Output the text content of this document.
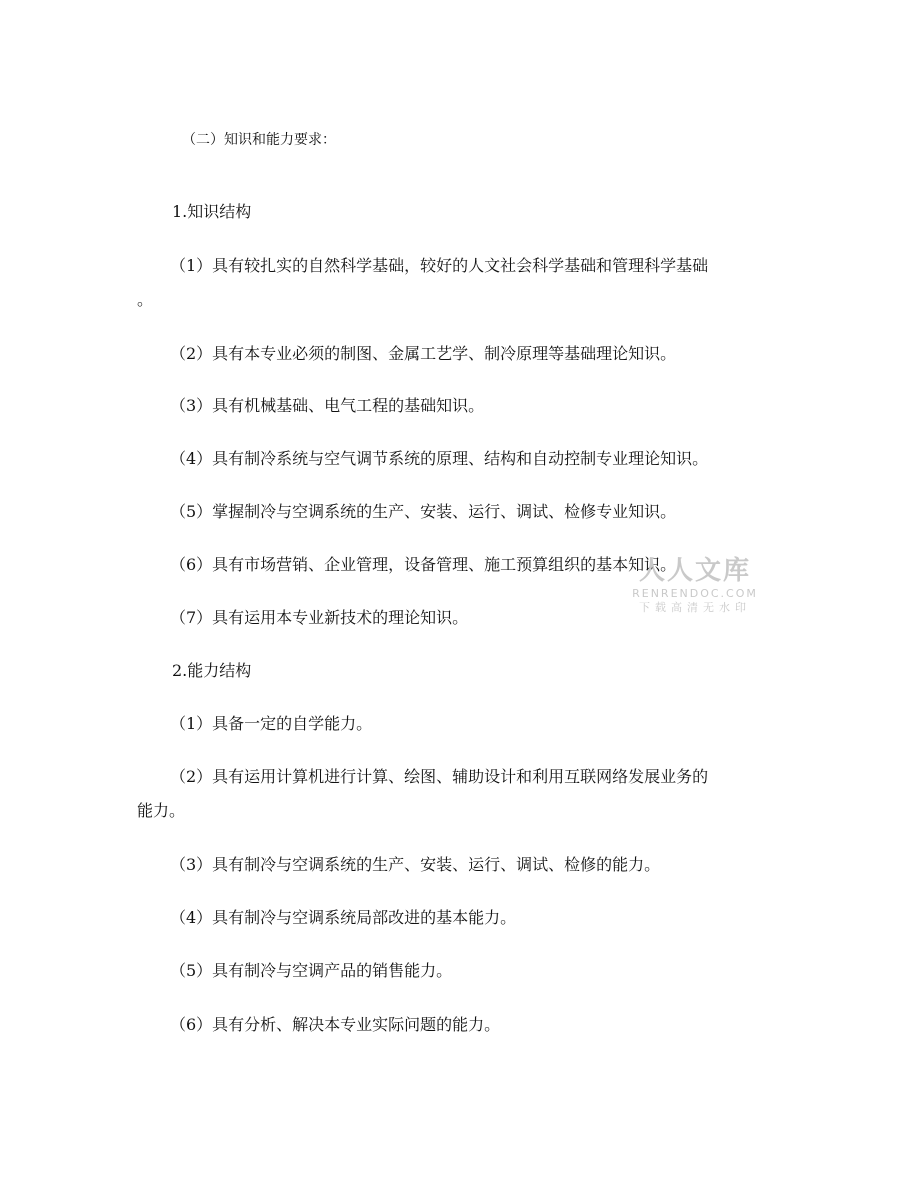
（二）知识和能力要求：
1.知识结构
（1）具有较扎实的自然科学基础，较好的人文社会科学基础和管理科学基础
。
（2）具有本专业必须的制图、金属工艺学、制冷原理等基础理论知识。
（3）具有机械基础、电气工程的基础知识。
（4）具有制冷系统与空气调节系统的原理、结构和自动控制专业理论知识。
（5）掌握制冷与空调系统的生产、安装、运行、调试、检修专业知识。
（6）具有市场营销、企业管理，设备管理、施工预算组织的基本知识。
（7）具有运用本专业新技术的理论知识。
2.能力结构
（1）具备一定的自学能力。
（2）具有运用计算机进行计算、绘图、辅助设计和利用互联网络发展业务的
能力。
（3）具有制冷与空调系统的生产、安装、运行、调试、检修的能力。
（4）具有制冷与空调系统局部改进的基本能力。
（5）具有制冷与空调产品的销售能力。
（6）具有分析、解决本专业实际问题的能力。
人人文库
RENRENDOC.COM
下载高清无水印
